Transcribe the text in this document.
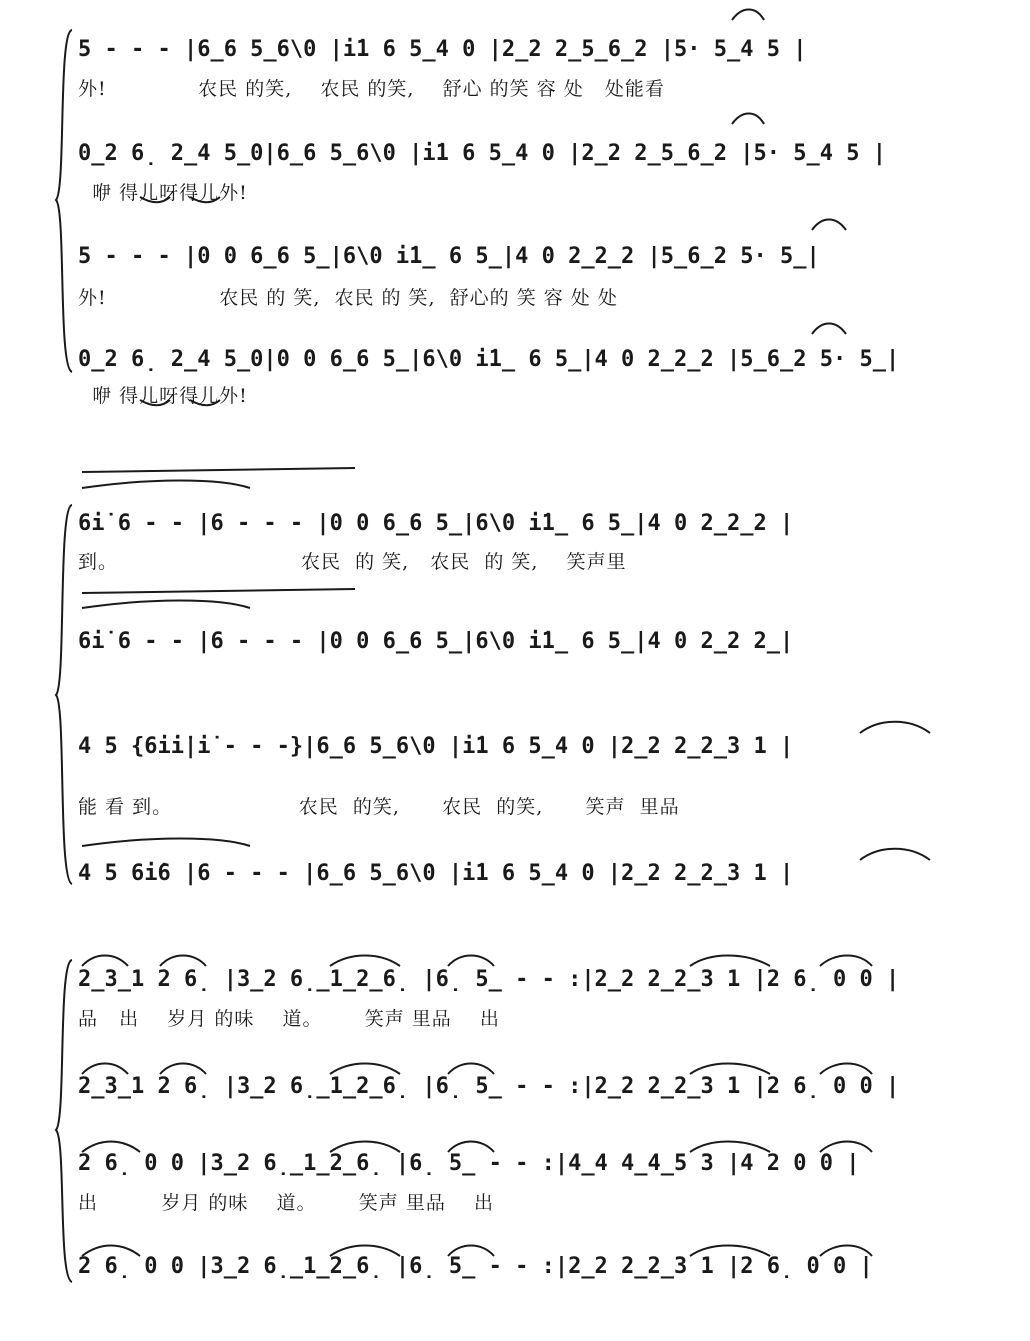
5 - - - |6̲6 5̲6\0 |i̇1 6 5̲4 0 |2̲2 2̲5̲6̲2 |5· 5̲4 5 |
外!             农民 的笑,    农民 的笑,    舒心 的笑 容 处   处能看
0̲2 6̣ 2̲4 5̲0|6̲6 5̲6\0 |i̇1 6 5̲4 0 |2̲2 2̲5̲6̲2 |5· 5̲4 5 |
咿 得儿呀得儿外!
5 - - - |0 0 6̲6 5̲|6\0 i̇1̲ 6 5̲|4 0 2̲2̲2 |5̲6̲2 5· 5̲|
外!                农民 的 笑,  农民 的 笑,  舒心的 笑 容 处 处
0̲2 6̣ 2̲4 5̲0|0 0 6̲6 5̲|6\0 i̇1̲ 6 5̲|4 0 2̲2̲2 |5̲6̲2 5· 5̲|
咿 得儿呀得儿外!
6i̇ 6 - - |6 - - - |0 0 6̲6 5̲|6\0 i̇1̲ 6 5̲|4 0 2̲2̲2 |
到。                          农民  的 笑,   农民  的 笑,    笑声里
6i̇ 6 - - |6 - - - |0 0 6̲6 5̲|6\0 i̇1̲ 6 5̲|4 0 2̲2 2̲|
4 5 {6i̇i̇|i̇ - - -}|6̲6 5̲6\0 |i̇1 6 5̲4 0 |2̲2 2̲2̲3 1 |
能 看 到。                  农民  的笑,      农民  的笑,      笑声  里品
4 5 6i̇6 |6 - - - |6̲6 5̲6\0 |i̇1 6 5̲4 0 |2̲2 2̲2̲3 1 |
2̲3̲1 2 6̣ |3̲2 6̣̲1̲2̲6̣ |6̣ 5̲ - - :|2̲2 2̲2̲3 1 |2 6̣ 0 0 |
品   出    岁月 的味    道。      笑声 里品    出
2̲3̲1 2 6̣ |3̲2 6̣̲1̲2̲6̣ |6̣ 5̲ - - :|2̲2 2̲2̲3 1 |2 6̣ 0 0 |
2 6̣ 0 0 |3̲2 6̣̲1̲2̲6̣ |6̣ 5̲ - - :|4̲4 4̲4̲5 3 |4 2 0 0 |
出         岁月 的味    道。      笑声 里品    出
2 6̣ 0 0 |3̲2 6̣̲1̲2̲6̣ |6̣ 5̲ - - :|2̲2 2̲2̲3 1 |2 6̣ 0 0 |
